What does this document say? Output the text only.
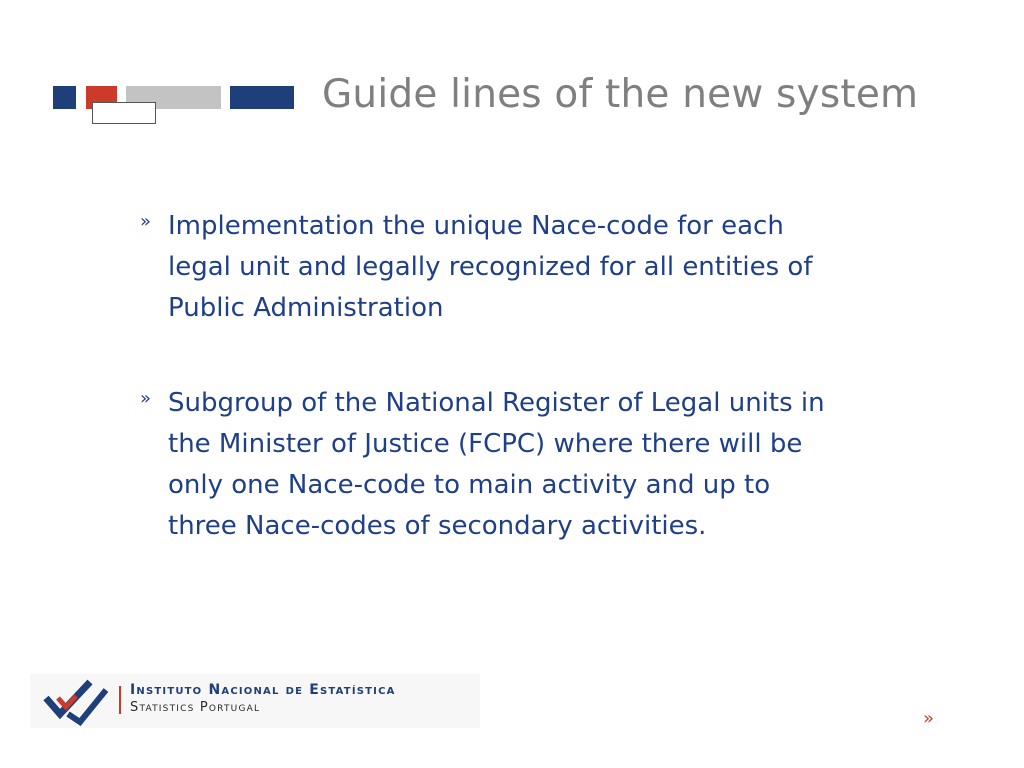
Guide lines of the new system
» Implementation the unique Nace-code for each legal unit and legally recognized for all entities of Public Administration
» Subgroup of the National Register of Legal units in the Minister of Justice (FCPC) where there will be only one Nace-code to main activity and up to three Nace-codes of secondary activities.
Instituto Nacional de Estatística
Statistics Portugal
»
